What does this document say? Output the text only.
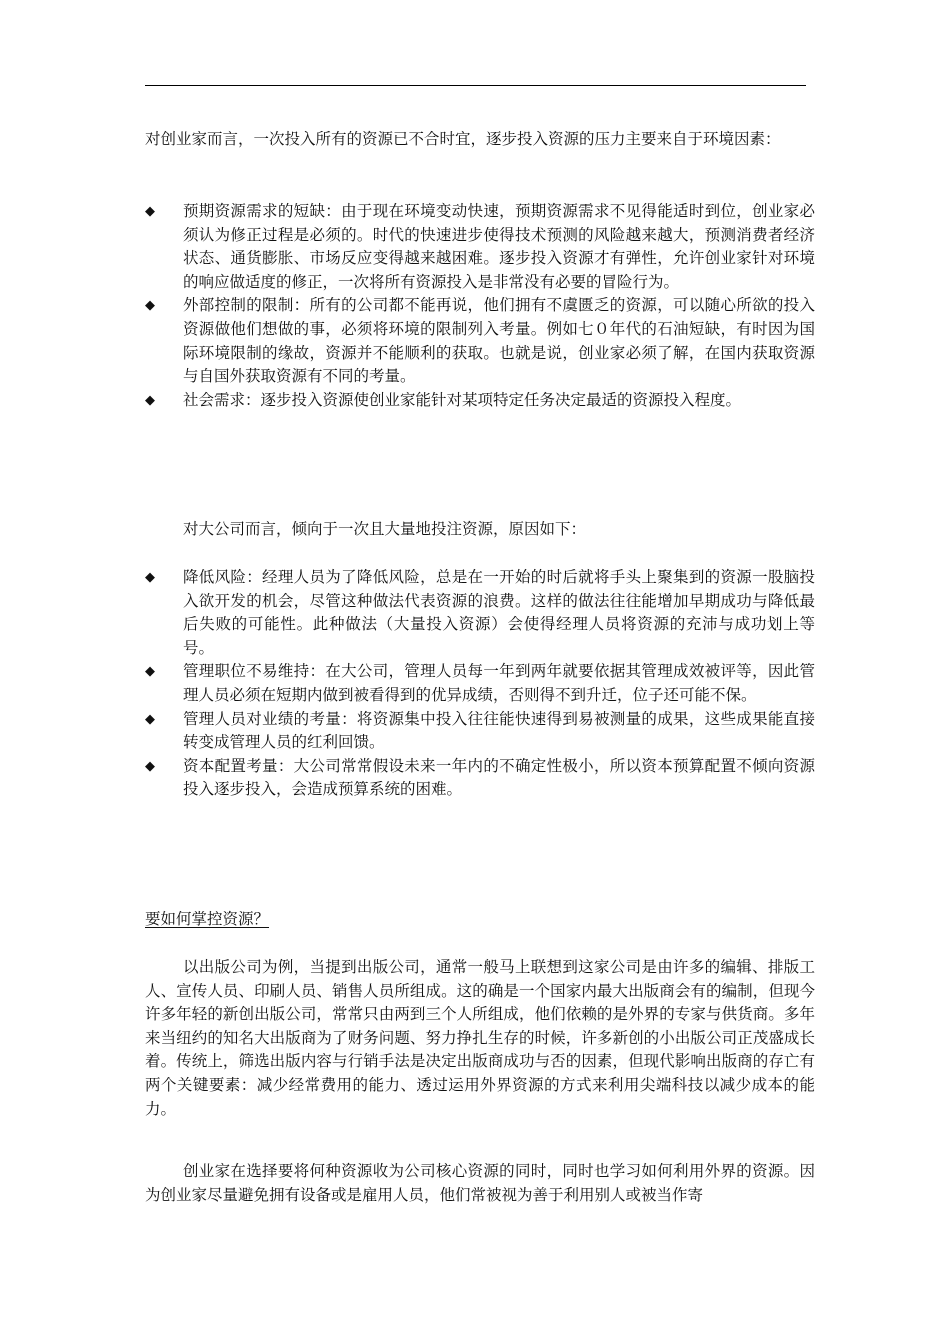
对创业家而言，一次投入所有的资源已不合时宜，逐步投入资源的压力主要来自于环境因素：

◆ 预期资源需求的短缺：由于现在环境变动快速，预期资源需求不见得能适时到位，创业家必须认为修正过程是必须的。时代的快速进步使得技术预测的风险越来越大，预测消费者经济状态、通货膨胀、市场反应变得越来越困难。逐步投入资源才有弹性，允许创业家针对环境的响应做适度的修正，一次将所有资源投入是非常没有必要的冒险行为。
◆ 外部控制的限制：所有的公司都不能再说，他们拥有不虞匮乏的资源，可以随心所欲的投入资源做他们想做的事，必须将环境的限制列入考量。例如七０年代的石油短缺，有时因为国际环境限制的缘故，资源并不能顺利的获取。也就是说，创业家必须了解，在国内获取资源与自国外获取资源有不同的考量。
◆ 社会需求：逐步投入资源使创业家能针对某项特定任务决定最适的资源投入程度。

对大公司而言，倾向于一次且大量地投注资源，原因如下：

◆ 降低风险：经理人员为了降低风险，总是在一开始的时后就将手头上聚集到的资源一股脑投入欲开发的机会，尽管这种做法代表资源的浪费。这样的做法往往能增加早期成功与降低最后失败的可能性。此种做法（大量投入资源）会使得经理人员将资源的充沛与成功划上等号。
◆ 管理职位不易维持：在大公司，管理人员每一年到两年就要依据其管理成效被评等，因此管理人员必须在短期内做到被看得到的优异成绩，否则得不到升迁，位子还可能不保。
◆ 管理人员对业绩的考量：将资源集中投入往往能快速得到易被测量的成果，这些成果能直接转变成管理人员的红利回馈。
◆ 资本配置考量：大公司常常假设未来一年内的不确定性极小，所以资本预算配置不倾向资源投入逐步投入，会造成预算系统的困难。

要如何掌控资源？

以出版公司为例，当提到出版公司，通常一般马上联想到这家公司是由许多的编辑、排版工人、宣传人员、印刷人员、销售人员所组成。这的确是一个国家内最大出版商会有的编制，但现今许多年轻的新创出版公司，常常只由两到三个人所组成，他们依赖的是外界的专家与供货商。多年来当纽约的知名大出版商为了财务问题、努力挣扎生存的时候，许多新创的小出版公司正茂盛成长着。传统上，筛选出版内容与行销手法是决定出版商成功与否的因素，但现代影响出版商的存亡有两个关键要素：减少经常费用的能力、透过运用外界资源的方式来利用尖端科技以减少成本的能力。

创业家在选择要将何种资源收为公司核心资源的同时，同时也学习如何利用外界的资源。因为创业家尽量避免拥有设备或是雇用人员，他们常被视为善于利用别人或被当作寄
